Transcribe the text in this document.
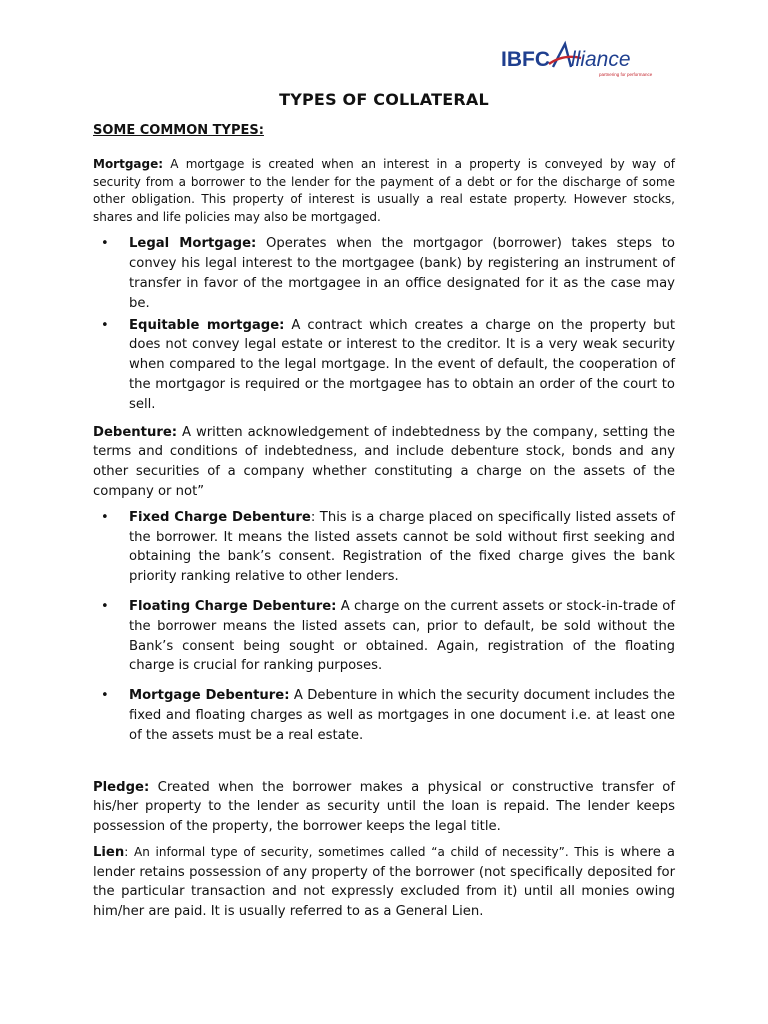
IBFC lliance
partnering for performance
TYPES OF COLLATERAL
SOME COMMON TYPES:

Mortgage: A mortgage is created when an interest in a property is conveyed by way of security from a borrower to the lender for the payment of a debt or for the discharge of some other obligation. This property of interest is usually a real estate property. However stocks, shares and life policies may also be mortgaged.

• Legal Mortgage: Operates when the mortgagor (borrower) takes steps to convey his legal interest to the mortgagee (bank) by registering an instrument of transfer in favor of the mortgagee in an office designated for it as the case may be.
• Equitable mortgage: A contract which creates a charge on the property but does not convey legal estate or interest to the creditor. It is a very weak security when compared to the legal mortgage. In the event of default, the cooperation of the mortgagor is required or the mortgagee has to obtain an order of the court to sell.

Debenture: A written acknowledgement of indebtedness by the company, setting the terms and conditions of indebtedness, and include debenture stock, bonds and any other securities of a company whether constituting a charge on the assets of the company or not”

• Fixed Charge Debenture: This is a charge placed on specifically listed assets of the borrower. It means the listed assets cannot be sold without first seeking and obtaining the bank’s consent. Registration of the fixed charge gives the bank priority ranking relative to other lenders.
• Floating Charge Debenture: A charge on the current assets or stock-in-trade of the borrower means the listed assets can, prior to default, be sold without the Bank’s consent being sought or obtained. Again, registration of the floating charge is crucial for ranking purposes.
• Mortgage Debenture: A Debenture in which the security document includes the fixed and floating charges as well as mortgages in one document i.e. at least one of the assets must be a real estate.

Pledge: Created when the borrower makes a physical or constructive transfer of his/her property to the lender as security until the loan is repaid. The lender keeps possession of the property, the borrower keeps the legal title.

Lien: An informal type of security, sometimes called “a child of necessity”. This is where a lender retains possession of any property of the borrower (not specifically deposited for the particular transaction and not expressly excluded from it) until all monies owing him/her are paid. It is usually referred to as a General Lien.
